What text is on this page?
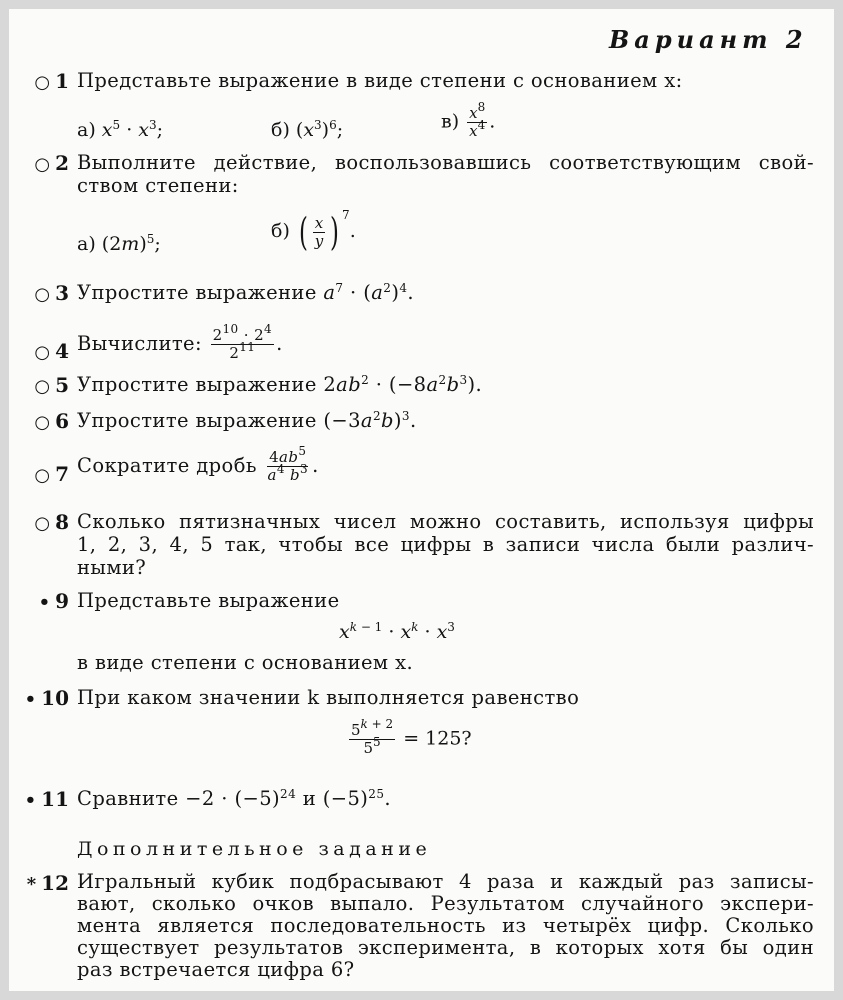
Вариант 2
○ 1 Представьте выражение в виде степени с основанием x:
а) $x^5 \cdot x^3$;	б) $(x^3)^6$;	$в) \frac{x^8}{x^4}$ .
○ 2 Выполните действие, воспользовавшись соответствующим свой-
ством степени:
а) $(2m)^5$;
б) ( $\frac{x}{y}$ ) $^7$.
○ 3 Упростите выражение $a^7 \cdot (a^2)^4$.
○ 4 Вычислите: $\frac{2^{10} \cdot 2^4}{2^{11}}$ .
○ 5 Упростите выражение $2ab^2 \cdot (-8a^2b^3)$.
○ 6 Упростите выражение $(-3a^2b)^3$.
○ 7 Сократите дробь $\frac{4ab^5}{a^4 b^3}$ .
○ 8 Сколько пятизначных чисел можно составить, используя цифры
1, 2, 3, 4, 5 так, чтобы все цифры в записи числа были различ-
ными?
• 9 Представьте выражение
$x^{k - 1} \cdot x^k \cdot x^3$
в виде степени с основанием x.
• 10 При каком значении k выполняется равенство
$\frac{5^{k + 2}}{5^5} = 125$?
• 11 Сравните $-2 \cdot (-5)^{24}$ и $(-5)^{25}$.
Дополнительное задание
* 12 Игральный кубик подбрасывают 4 раза и каждый раз записы-
вают, сколько очков выпало. Результатом случайного экспери-
мента является последовательность из четырёх цифр. Сколько
существует результатов эксперимента, в которых хотя бы один
раз встречается цифра 6?
